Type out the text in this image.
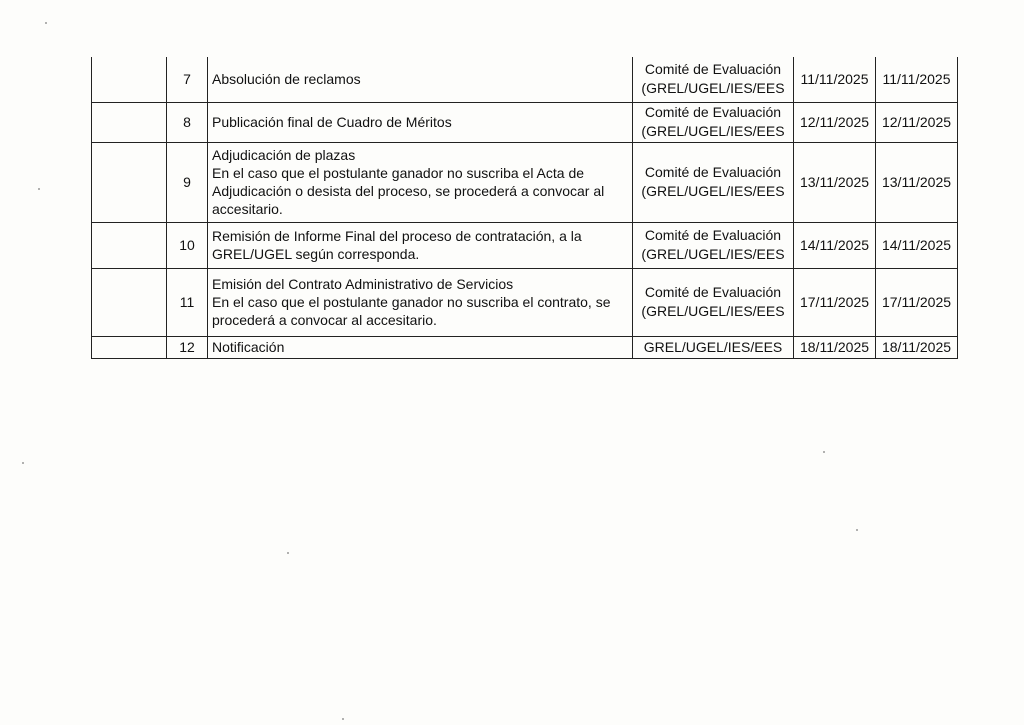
	7	Absolución de reclamos	Comité de Evaluación
(GREL/UGEL/IES/EES	11/11/2025	11/11/2025
	8	Publicación final de Cuadro de Méritos	Comité de Evaluación
(GREL/UGEL/IES/EES	12/11/2025	12/11/2025
	9	Adjudicación de plazas
En el caso que el postulante ganador no suscriba el Acta de
Adjudicación o desista del proceso, se procederá a convocar al
accesitario.	Comité de Evaluación
(GREL/UGEL/IES/EES	13/11/2025	13/11/2025
	10	Remisión de Informe Final del proceso de contratación, a la
GREL/UGEL según corresponda.	Comité de Evaluación
(GREL/UGEL/IES/EES	14/11/2025	14/11/2025
	11	Emisión del Contrato Administrativo de Servicios
En el caso que el postulante ganador no suscriba el contrato, se
procederá a convocar al accesitario.	Comité de Evaluación
(GREL/UGEL/IES/EES	17/11/2025	17/11/2025
	12	Notificación	GREL/UGEL/IES/EES	18/11/2025	18/11/2025
